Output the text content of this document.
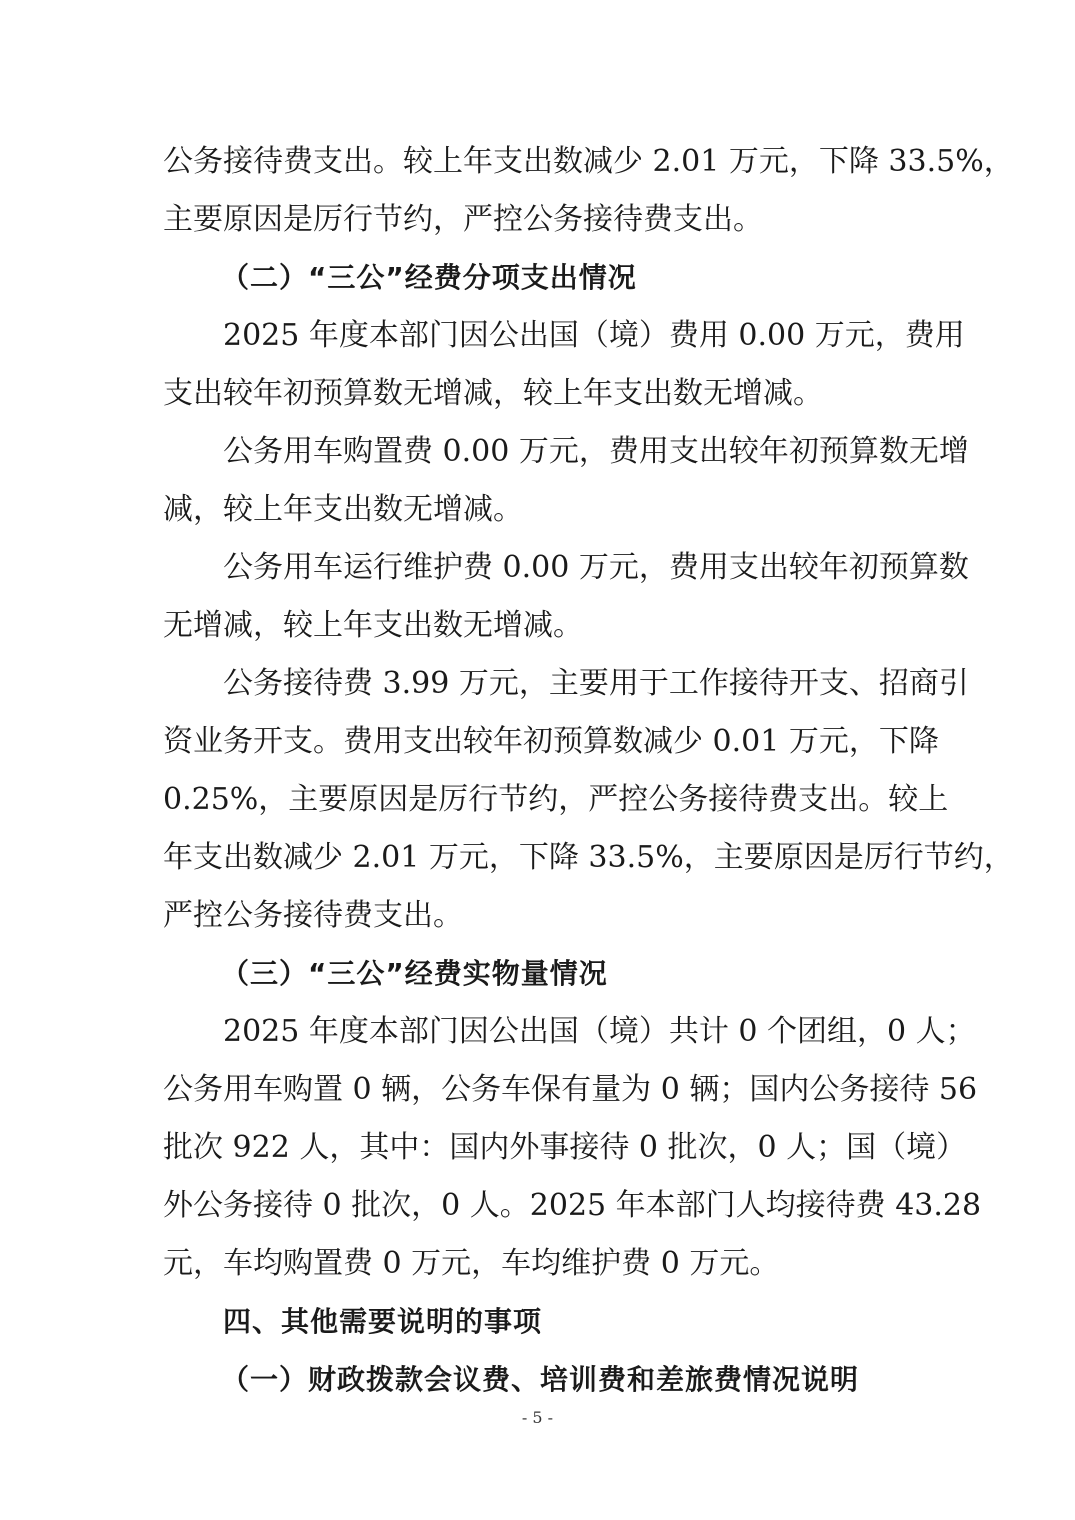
公务接待费支出。较上年支出数减少 2.01 万元，下降 33.5%，
主要原因是厉行节约，严控公务接待费支出。
（二）“三公”经费分项支出情况
2025 年度本部门因公出国（境）费用 0.00 万元，费用
支出较年初预算数无增减，较上年支出数无增减。
公务用车购置费 0.00 万元，费用支出较年初预算数无增
减，较上年支出数无增减。
公务用车运行维护费 0.00 万元，费用支出较年初预算数
无增减，较上年支出数无增减。
公务接待费 3.99 万元，主要用于工作接待开支、招商引
资业务开支。费用支出较年初预算数减少 0.01 万元，下降
0.25%，主要原因是厉行节约，严控公务接待费支出。较上
年支出数减少 2.01 万元，下降 33.5%，主要原因是厉行节约，
严控公务接待费支出。
（三）“三公”经费实物量情况
2025 年度本部门因公出国（境）共计 0 个团组，0 人；
公务用车购置 0 辆，公务车保有量为 0 辆；国内公务接待 56
批次 922 人，其中：国内外事接待 0 批次，0 人；国（境）
外公务接待 0 批次，0 人。2025 年本部门人均接待费 43.28
元，车均购置费 0 万元，车均维护费 0 万元。
四、其他需要说明的事项
（一）财政拨款会议费、培训费和差旅费情况说明
- 5 -
